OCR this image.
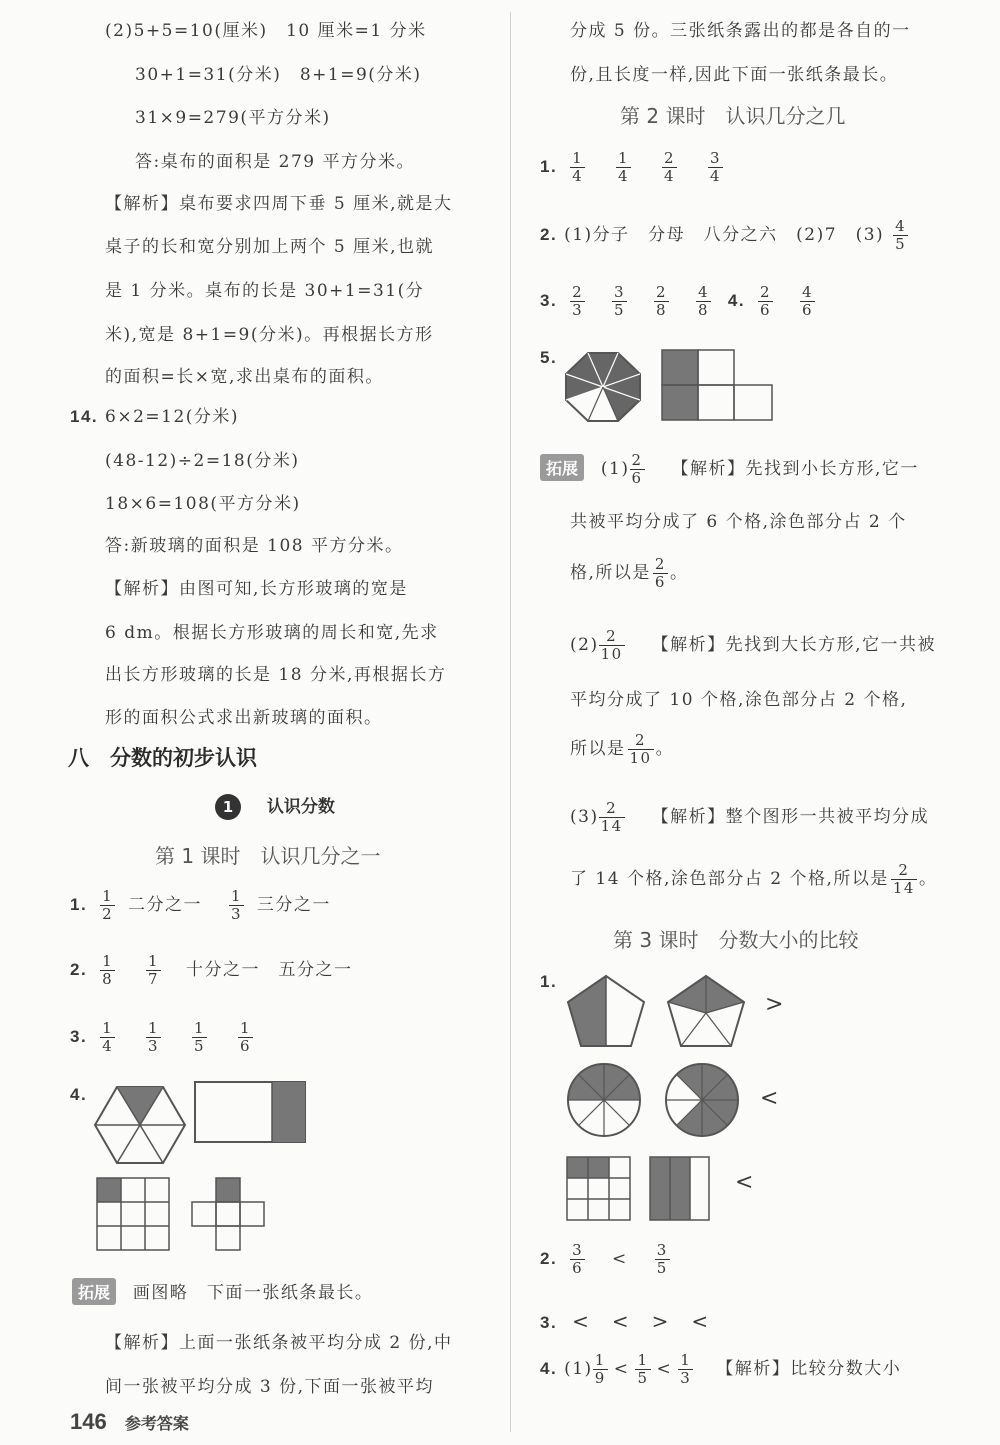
(2)5+5=10(厘米)　10 厘米=1 分米
30+1=31(分米)　8+1=9(分米)
31×9=279(平方分米)
答:桌布的面积是 279 平方分米。
【解析】桌布要求四周下垂 5 厘米,就是大
桌子的长和宽分别加上两个 5 厘米,也就
是 1 分米。桌布的长是 30+1=31(分
米),宽是 8+1=9(分米)。再根据长方形
的面积=长×宽,求出桌布的面积。
14. 6×2=12(分米)
(48-12)÷2=18(分米)
18×6=108(平方分米)
答:新玻璃的面积是 108 平方分米。
【解析】由图可知,长方形玻璃的宽是
6 dm。根据长方形玻璃的周长和宽,先求
出长方形玻璃的长是 18 分米,再根据长方
形的面积公式求出新玻璃的面积。
八　分数的初步认识
1 认识分数
第 1 课时　认识几分之一
1. $\frac{1}{2}$ 二分之一 $\frac{1}{3}$ 三分之一
2. $\frac{1}{8}$
$\frac{1}{7}$ 十分之一　五分之一
3. $\frac{1}{4}$
$\frac{1}{3}$
$\frac{1}{5}$
$\frac{1}{6}$
4.
拓展 画图略　下面一张纸条最长。
【解析】上面一张纸条被平均分成 2 份,中
间一张被平均分成 3 份,下面一张被平均
分成 5 份。三张纸条露出的都是各自的一
份,且长度一样,因此下面一张纸条最长。
第 2 课时　认识几分之几
1. $\frac{1}{4}$
$\frac{1}{4}$
$\frac{2}{4}$
$\frac{3}{4}$
2. (1)分子　分母　八分之六　(2)7　$(3) \frac{4}{5}$
3. $\frac{2}{3}$
$\frac{3}{5}$
$\frac{2}{8}$
$\frac{4}{8} 4$. $\frac{2}{6}$
$\frac{4}{6}$
5.
拓展 $(1) \frac{2}{6}$ 【解析】先找到小长方形,它一
共被平均分成了 6 个格,涂色部分占 2 个
格,所以是 $\frac{2}{6}$ 。
$(2) \frac{2}{10}$ 【解析】先找到大长方形,它一共被
平均分成了 10 个格,涂色部分占 2 个格,
所以是 $\frac{2}{10}$ 。
$(3) \frac{2}{14}$ 【解析】整个图形一共被平均分成
了 14 个格,涂色部分占 2 个格,所以是 $\frac{2}{14}$ 。
第 3 课时　分数大小的比较
1.
>
<
<
2. $\frac{3}{6} < \frac{3}{5}$
3. <　<　>　<
4. $(1) \frac{1}{9} < \frac{1}{5} < \frac{1}{3}$ 【解析】比较分数大小
146 参考答案
